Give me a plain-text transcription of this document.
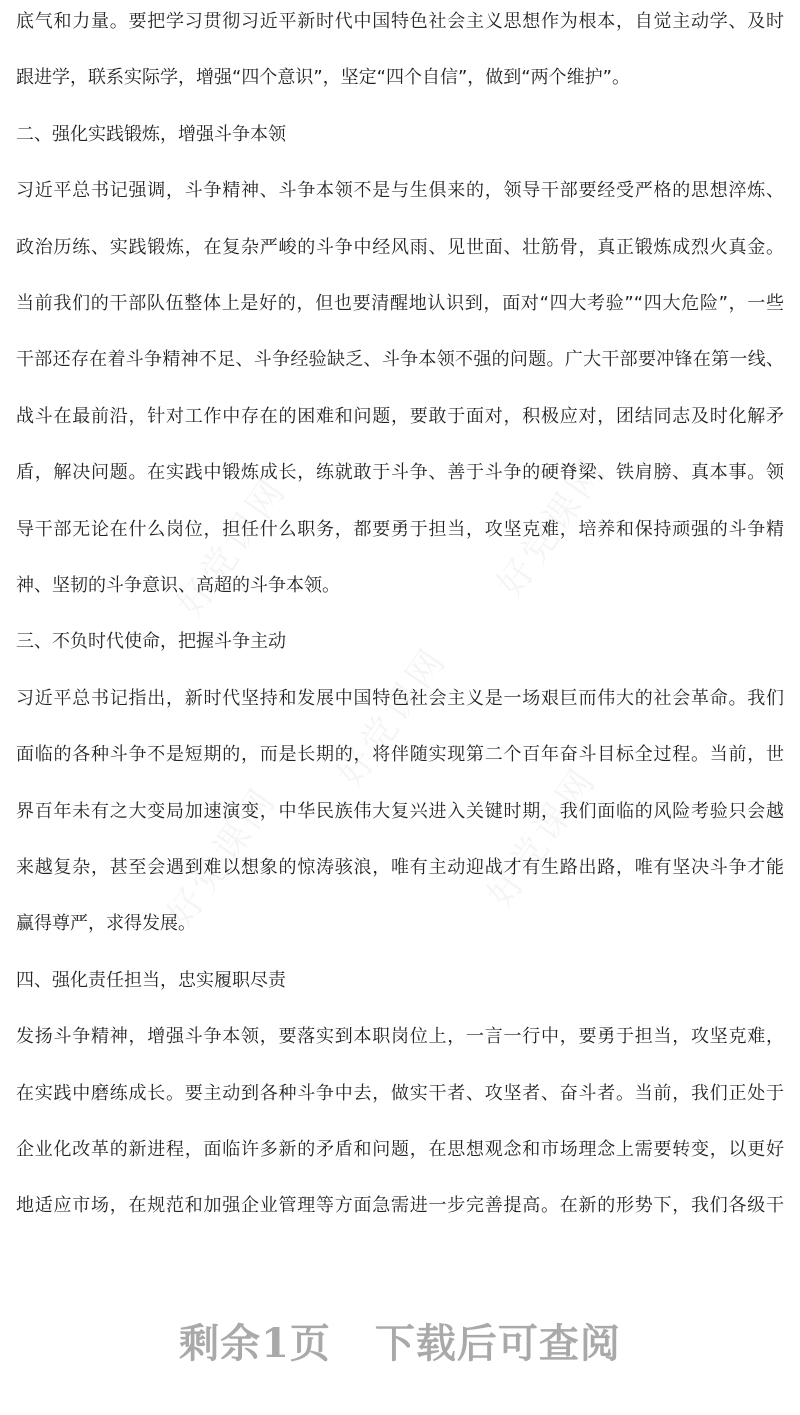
底气和力量。要把学习贯彻习近平新时代中国特色社会主义思想作为根本，自觉主动学、及时
跟进学，联系实际学，增强“四个意识”，坚定“四个自信”，做到“两个维护”。
二、强化实践锻炼，增强斗争本领
习近平总书记强调，斗争精神、斗争本领不是与生俱来的，领导干部要经受严格的思想淬炼、
政治历练、实践锻炼，在复杂严峻的斗争中经风雨、见世面、壮筋骨，真正锻炼成烈火真金。
当前我们的干部队伍整体上是好的，但也要清醒地认识到，面对“四大考验”“四大危险”，一些
干部还存在着斗争精神不足、斗争经验缺乏、斗争本领不强的问题。广大干部要冲锋在第一线、
战斗在最前沿，针对工作中存在的困难和问题，要敢于面对，积极应对，团结同志及时化解矛
盾，解决问题。在实践中锻炼成长，练就敢于斗争、善于斗争的硬脊梁、铁肩膀、真本事。领
导干部无论在什么岗位，担任什么职务，都要勇于担当，攻坚克难，培养和保持顽强的斗争精
神、坚韧的斗争意识、高超的斗争本领。
三、不负时代使命，把握斗争主动
习近平总书记指出，新时代坚持和发展中国特色社会主义是一场艰巨而伟大的社会革命。我们
面临的各种斗争不是短期的，而是长期的，将伴随实现第二个百年奋斗目标全过程。当前，世
界百年未有之大变局加速演变，中华民族伟大复兴进入关键时期，我们面临的风险考验只会越
来越复杂，甚至会遇到难以想象的惊涛骇浪，唯有主动迎战才有生路出路，唯有坚决斗争才能
赢得尊严，求得发展。
四、强化责任担当，忠实履职尽责
发扬斗争精神，增强斗争本领，要落实到本职岗位上，一言一行中，要勇于担当，攻坚克难，
在实践中磨练成长。要主动到各种斗争中去，做实干者、攻坚者、奋斗者。当前，我们正处于
企业化改革的新进程，面临许多新的矛盾和问题，在思想观念和市场理念上需要转变，以更好
地适应市场，在规范和加强企业管理等方面急需进一步完善提高。在新的形势下，我们各级干
剩余1页 下载后可查阅
